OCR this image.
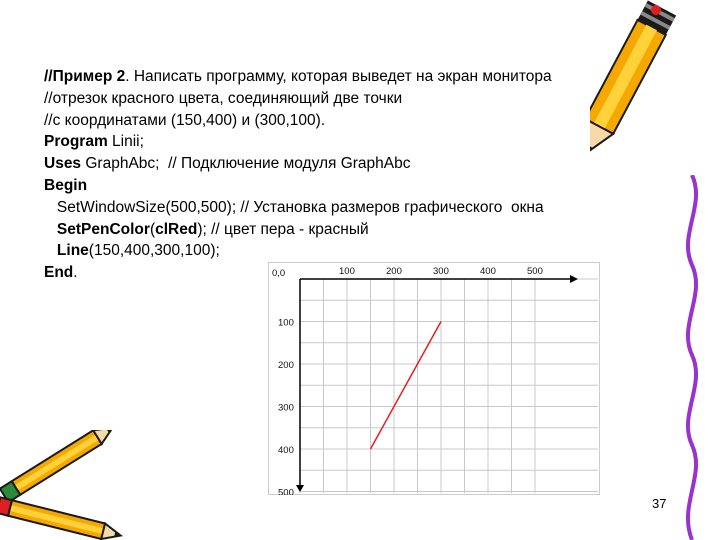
//Пример 2. Написать программу, которая выведет на экран монитора
//отрезок красного цвета, соединяющий две точки
//с координатами (150,400) и (300,100).
Program Linii;
Uses GraphAbc;  // Подключение модуля GraphAbc
Begin
SetWindowSize(500,500); // Установка размеров графического  окна
SetPenColor(clRed); // цвет пера - красный
Line(150,400,300,100);
End.	0,0	100	200	300	400	500
100
200
300
400
500
37
